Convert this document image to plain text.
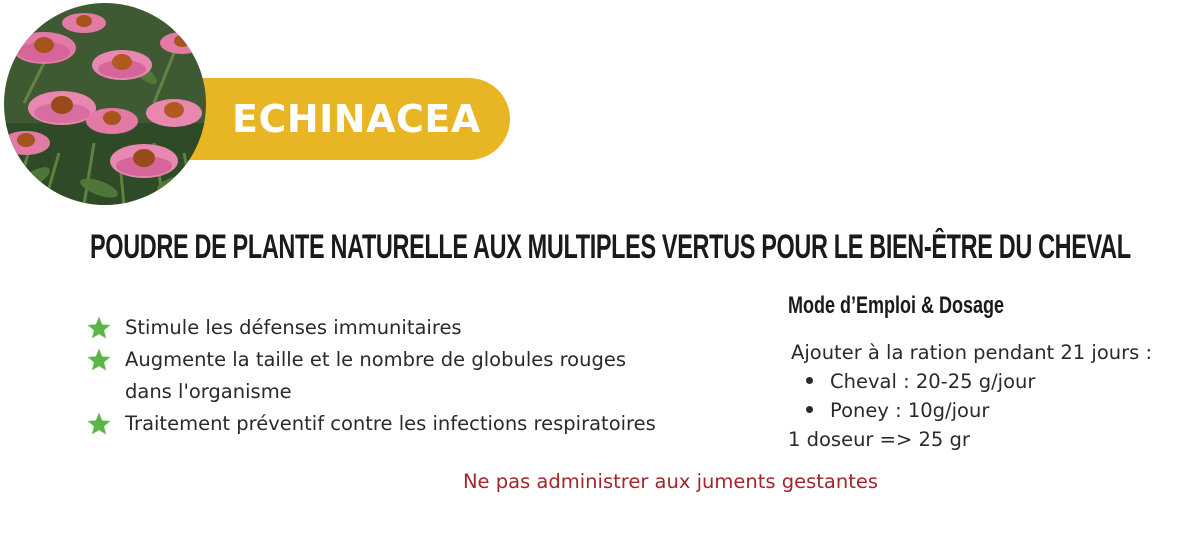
ECHINACEA
POUDRE DE PLANTE NATURELLE AUX MULTIPLES VERTUS POUR LE BIEN-ÊTRE DU CHEVAL
Stimule les défenses immunitaires
Augmente la taille et le nombre de globules rouges
dans l'organisme
Traitement préventif contre les infections respiratoires
Mode d’Emploi & Dosage
Ajouter à la ration pendant 21 jours :
Cheval : 20-25 g/jour
Poney : 10g/jour
1 doseur => 25 gr
Ne pas administrer aux juments gestantes
